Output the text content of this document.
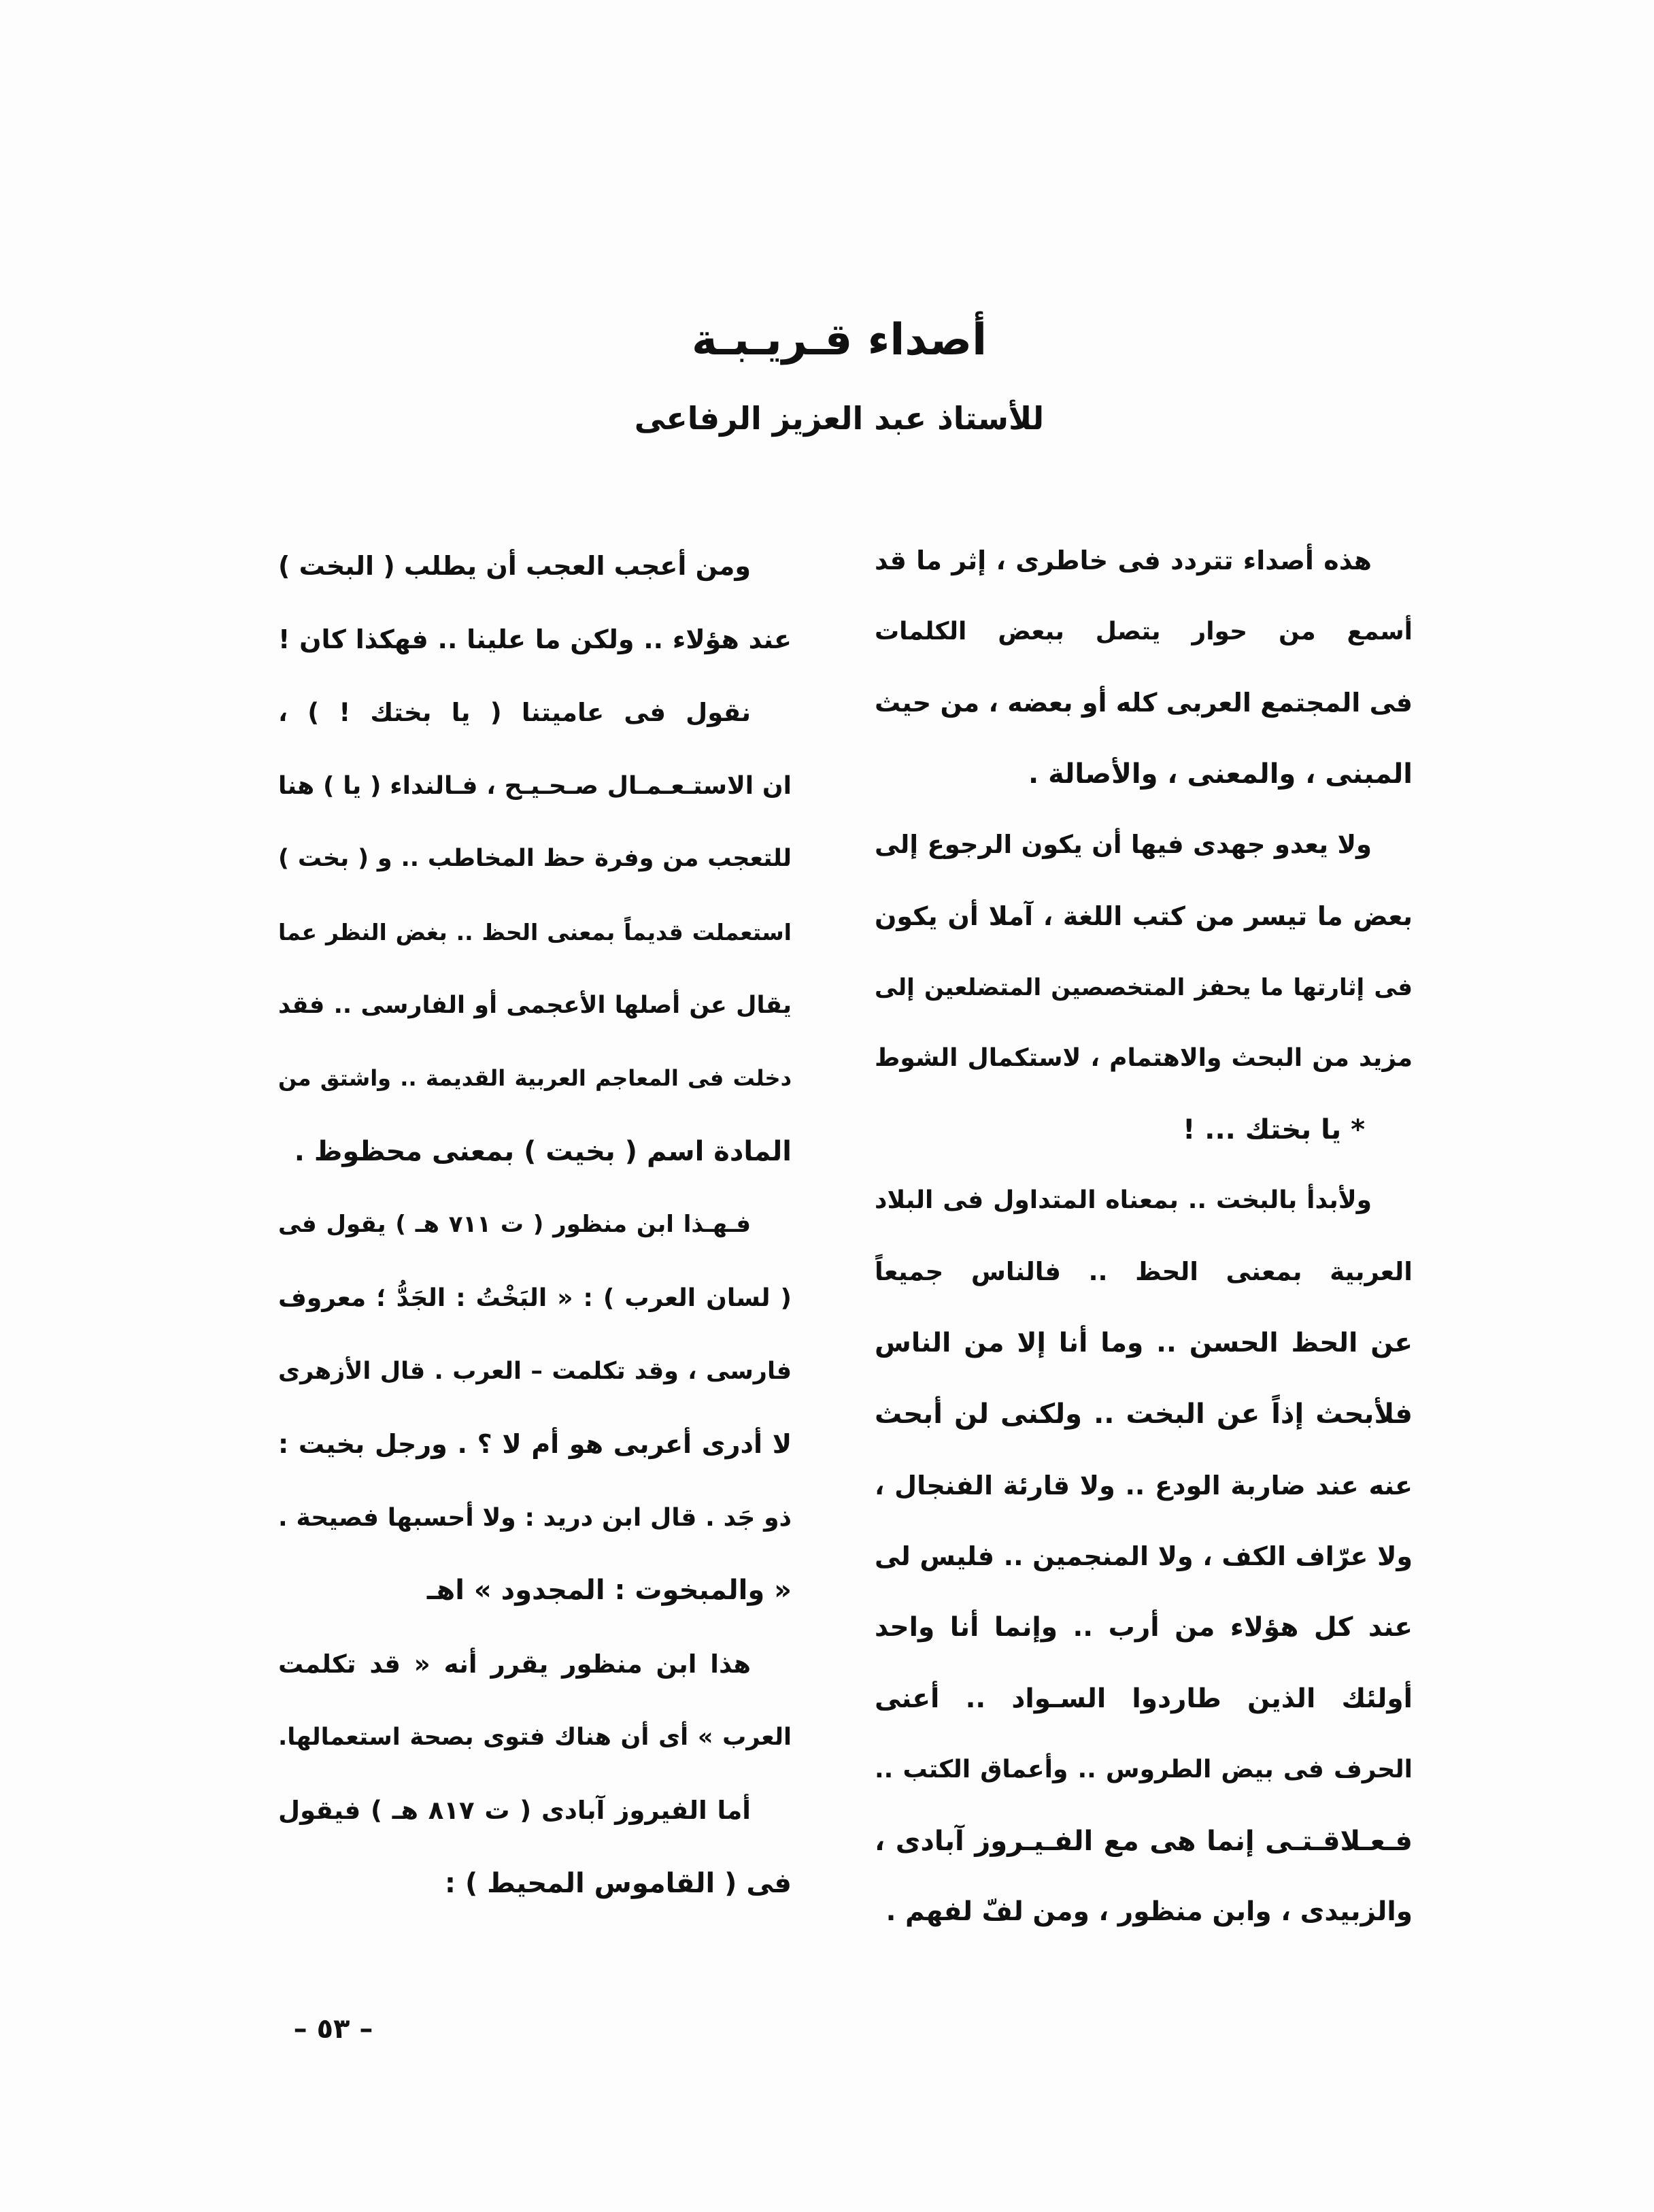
أصداء قـريـبـة
للأستاذ عبد العزيز الرفاعى
هذه أصداء تتردد فى خاطرى ، إثر ما قد
أسمع من حوار يتصل ببعض الكلمات
فى المجتمع العربى كله أو بعضه ، من حيث
المبنى ، والمعنى ، والأصالة .
ولا يعدو جهدى فيها أن يكون الرجوع إلى
بعض ما تيسر من كتب اللغة ، آملا أن يكون
فى إثارتها ما يحفز المتخصصين المتضلعين إلى
مزيد من البحث والاهتمام ، لاستكمال الشوط
* يا بختك ... !
ولأبدأ بالبخت .. بمعناه المتداول فى البلاد
العربية بمعنى الحظ .. فالناس جميعاً
عن الحظ الحسن .. وما أنا إلا من الناس
فلأبحث إذاً عن البخت .. ولكنى لن أبحث
عنه عند ضاربة الودع .. ولا قارئة الفنجال ،
ولا عرّاف الكف ، ولا المنجمين .. فليس لى
عند كل هؤلاء من أرب .. وإنما أنا واحد
أولئك الذين طاردوا السـواد .. أعنى
الحرف فى بيض الطروس .. وأعماق الكتب ..
فـعـلاقـتـى إنما هى مع الفـيـروز آبادى ،
والزبيدى ، وابن منظور ، ومن لفّ لفهم .
ومن أعجب العجب أن يطلب ( البخت )
عند هؤلاء .. ولكن ما علينا .. فهكذا كان !
نقول فى عاميتنا ( يا بختك ! ) ،
ان الاستـعـمـال صـحـيـح ، فـالنداء ( يا ) هنا
للتعجب من وفرة حظ المخاطب .. و ( بخت )
استعملت قديماً بمعنى الحظ .. بغض النظر عما
يقال عن أصلها الأعجمى أو الفارسى .. فقد
دخلت فى المعاجم العربية القديمة .. واشتق من
المادة اسم ( بخيت ) بمعنى محظوظ .
فـهـذا ابن منظور ( ت ٧١١ هـ ) يقول فى
( لسان العرب ) : « البَخْتُ : الجَدُّ ؛ معروف
فارسى ، وقد تكلمت – العرب . قال الأزهرى
لا أدرى أعربى هو أم لا ؟ . ورجل بخيت :
ذو جَد . قال ابن دريد : ولا أحسبها فصيحة .
« والمبخوت : المجدود » اهـ
هذا ابن منظور يقرر أنه « قد تكلمت
العرب » أى أن هناك فتوى بصحة استعمالها.
أما الفيروز آبادى ( ت ٨١٧ هـ ) فيقول
فى ( القاموس المحيط ) :
– ٥٣ –
